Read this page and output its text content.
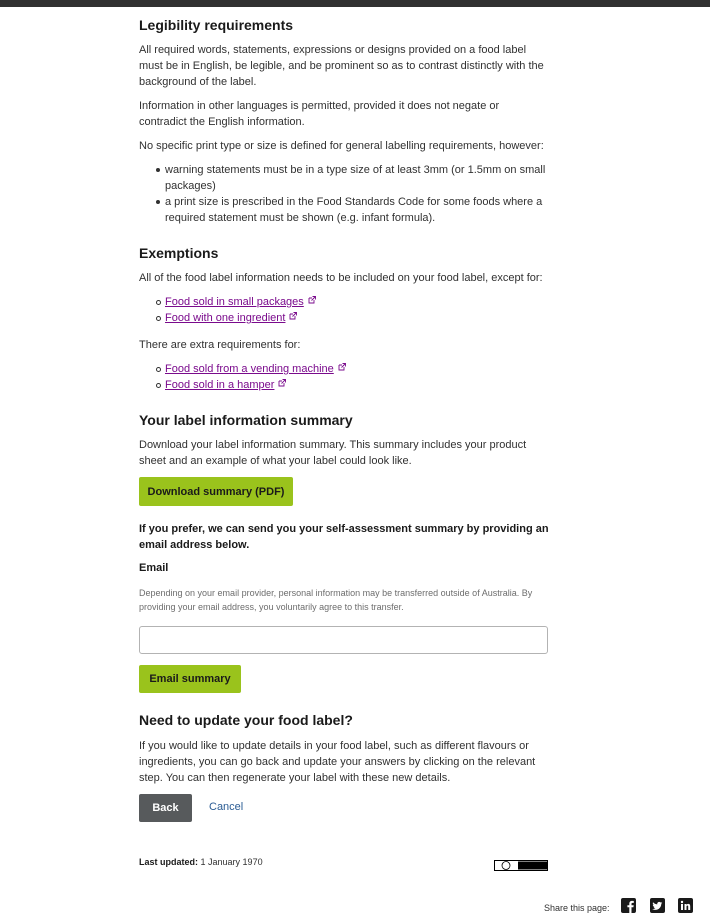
Legibility requirements

All required words, statements, expressions or designs provided on a food label must be in English, be legible, and be prominent so as to contrast distinctly with the background of the label.

Information in other languages is permitted, provided it does not negate or contradict the English information.

No specific print type or size is defined for general labelling requirements, however:

warning statements must be in a type size of at least 3mm (or 1.5mm on small packages)
a print size is prescribed in the Food Standards Code for some foods where a required statement must be shown (e.g. infant formula).
Exemptions

All of the food label information needs to be included on your food label, except for:

Food sold in small packages
Food with one ingredient

There are extra requirements for:

Food sold from a vending machine
Food sold in a hamper
Your label information summary

Download your label information summary. This summary includes your product sheet and an example of what your label could look like.

Download summary (PDF)

If you prefer, we can send you your self-assessment summary by providing an email address below.

Email

Depending on your email provider, personal information may be transferred outside of Australia. By providing your email address, you voluntarily agree to this transfer.

Email summary
Need to update your food label?

If you would like to update details in your food label, such as different flavours or ingredients, you can go back and update your answers by clicking on the relevant step. You can then regenerate your label with these new details.

Back	Cancel
Last updated: 1 January 1970
Share this page:
